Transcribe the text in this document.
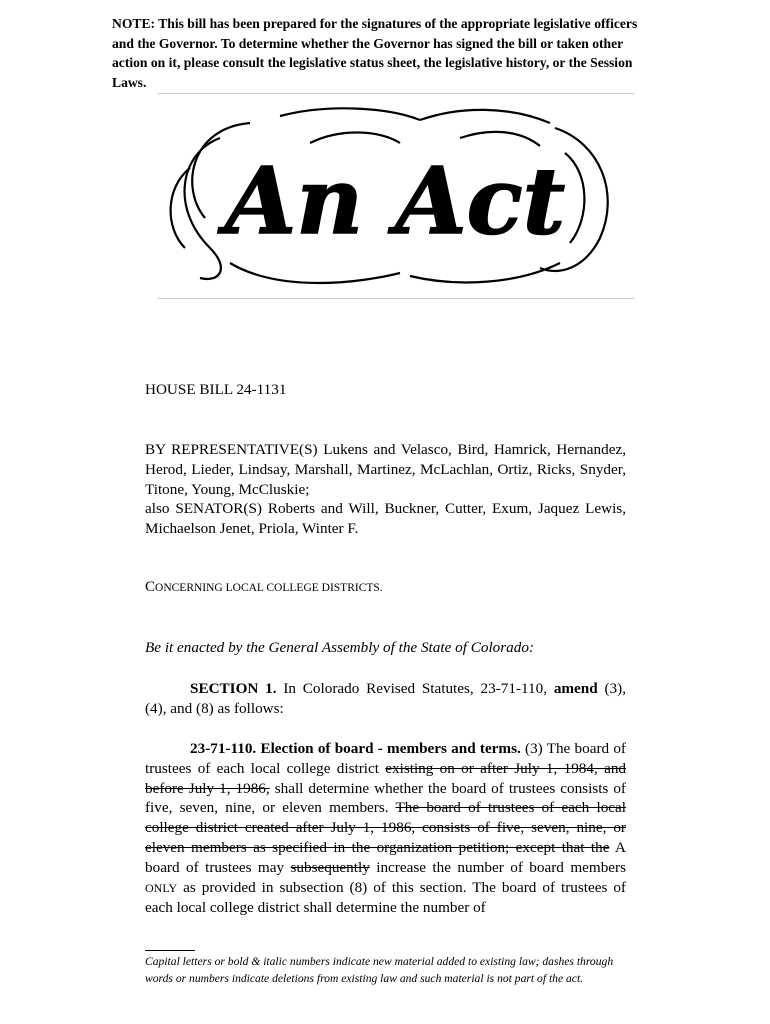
NOTE: This bill has been prepared for the signatures of the appropriate legislative officers and the Governor. To determine whether the Governor has signed the bill or taken other action on it, please consult the legislative status sheet, the legislative history, or the Session Laws.
An Act
HOUSE BILL 24-1131

BY REPRESENTATIVE(S) Lukens and Velasco, Bird, Hamrick, Hernandez, Herod, Lieder, Lindsay, Marshall, Martinez, McLachlan, Ortiz, Ricks, Snyder, Titone, Young, McCluskie;

also SENATOR(S) Roberts and Will, Buckner, Cutter, Exum, Jaquez Lewis, Michaelson Jenet, Priola, Winter F.

CONCERNING LOCAL COLLEGE DISTRICTS.
Be it enacted by the General Assembly of the State of Colorado:
SECTION 1. In Colorado Revised Statutes, 23-71-110, amend (3), (4), and (8) as follows:
23-71-110. Election of board - members and terms. (3) The board of trustees of each local college district existing on or after July 1, 1984, and before July 1, 1986, shall determine whether the board of trustees consists of five, seven, nine, or eleven members. The board of trustees of each local college district created after July 1, 1986, consists of five, seven, nine, or eleven members as specified in the organization petition; except that the A board of trustees may subsequently increase the number of board members ONLY as provided in subsection (8) of this section. The board of trustees of each local college district shall determine the number of
Capital letters or bold & italic numbers indicate new material added to existing law; dashes through words or numbers indicate deletions from existing law and such material is not part of the act.
